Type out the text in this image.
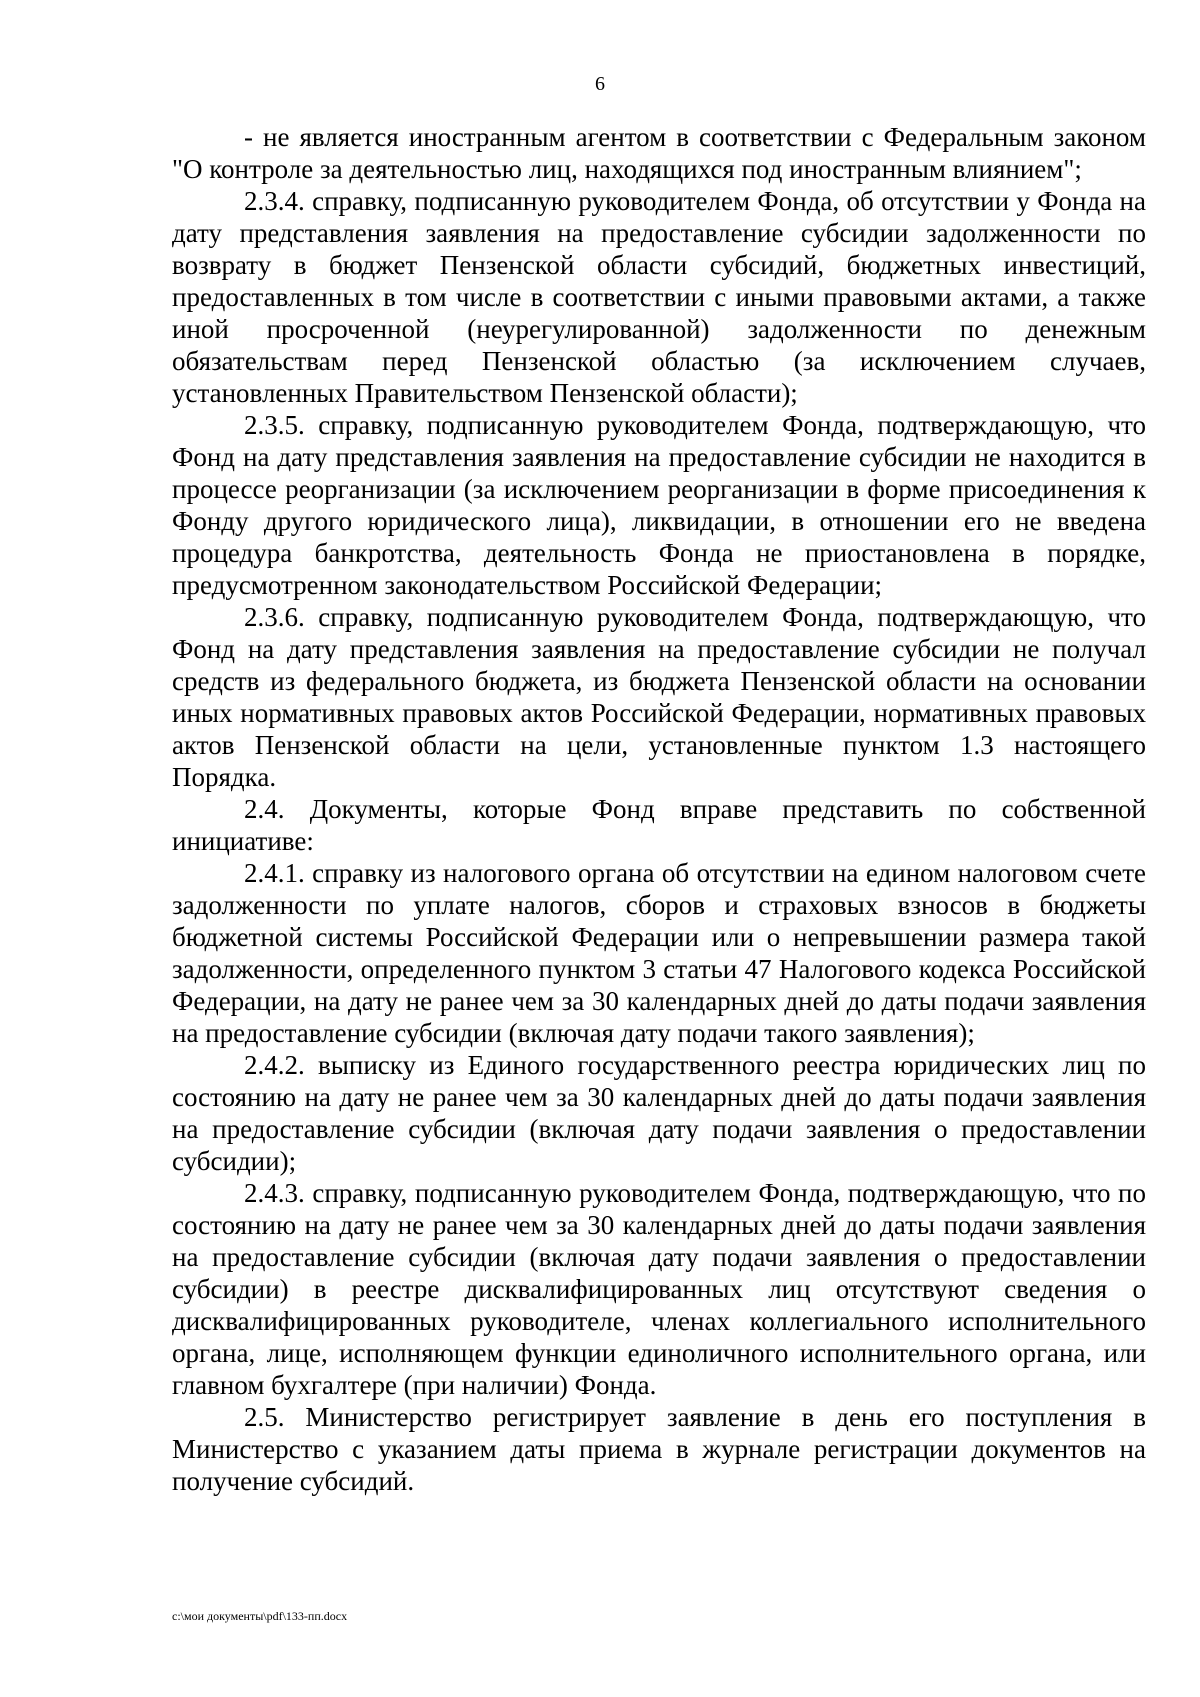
6

- не является иностранным агентом в соответствии с Федеральным законом "О контроле за деятельностью лиц, находящихся под иностранным влиянием";

2.3.4. справку, подписанную руководителем Фонда, об отсутствии у Фонда на дату представления заявления на предоставление субсидии задолженности по возврату в бюджет Пензенской области субсидий, бюджетных инвестиций, предоставленных в том числе в соответствии с иными правовыми актами, а также иной просроченной (неурегулированной) задолженности по денежным обязательствам перед Пензенской областью (за исключением случаев, установленных Правительством Пензенской области);

2.3.5. справку, подписанную руководителем Фонда, подтверждающую, что Фонд на дату представления заявления на предоставление субсидии не находится в процессе реорганизации (за исключением реорганизации в форме присоединения к Фонду другого юридического лица), ликвидации, в отношении его не введена процедура банкротства, деятельность Фонда не приостановлена в порядке, предусмотренном законодательством Российской Федерации;

2.3.6. справку, подписанную руководителем Фонда, подтверждающую, что Фонд на дату представления заявления на предоставление субсидии не получал средств из федерального бюджета, из бюджета Пензенской области на основании иных нормативных правовых актов Российской Федерации, нормативных правовых актов Пензенской области на цели, установленные пунктом 1.3 настоящего Порядка.

2.4. Документы, которые Фонд вправе представить по собственной инициативе:

2.4.1. справку из налогового органа об отсутствии на едином налоговом счете задолженности по уплате налогов, сборов и страховых взносов в бюджеты бюджетной системы Российской Федерации или о непревышении размера такой задолженности, определенного пунктом 3 статьи 47 Налогового кодекса Российской Федерации, на дату не ранее чем за 30 календарных дней до даты подачи заявления на предоставление субсидии (включая дату подачи такого заявления);

2.4.2. выписку из Единого государственного реестра юридических лиц по состоянию на дату не ранее чем за 30 календарных дней до даты подачи заявления на предоставление субсидии (включая дату подачи заявления о предоставлении субсидии);

2.4.3. справку, подписанную руководителем Фонда, подтверждающую, что по состоянию на дату не ранее чем за 30 календарных дней до даты подачи заявления на предоставление субсидии (включая дату подачи заявления о предоставлении субсидии) в реестре дисквалифицированных лиц отсутствуют сведения о дисквалифицированных руководителе, членах коллегиального исполнительного органа, лице, исполняющем функции единоличного исполнительного органа, или главном бухгалтере (при наличии) Фонда.

2.5. Министерство регистрирует заявление в день его поступления в Министерство с указанием даты приема в журнале регистрации документов на получение субсидий.

c:\мои документы\pdf\133-пп.docx
